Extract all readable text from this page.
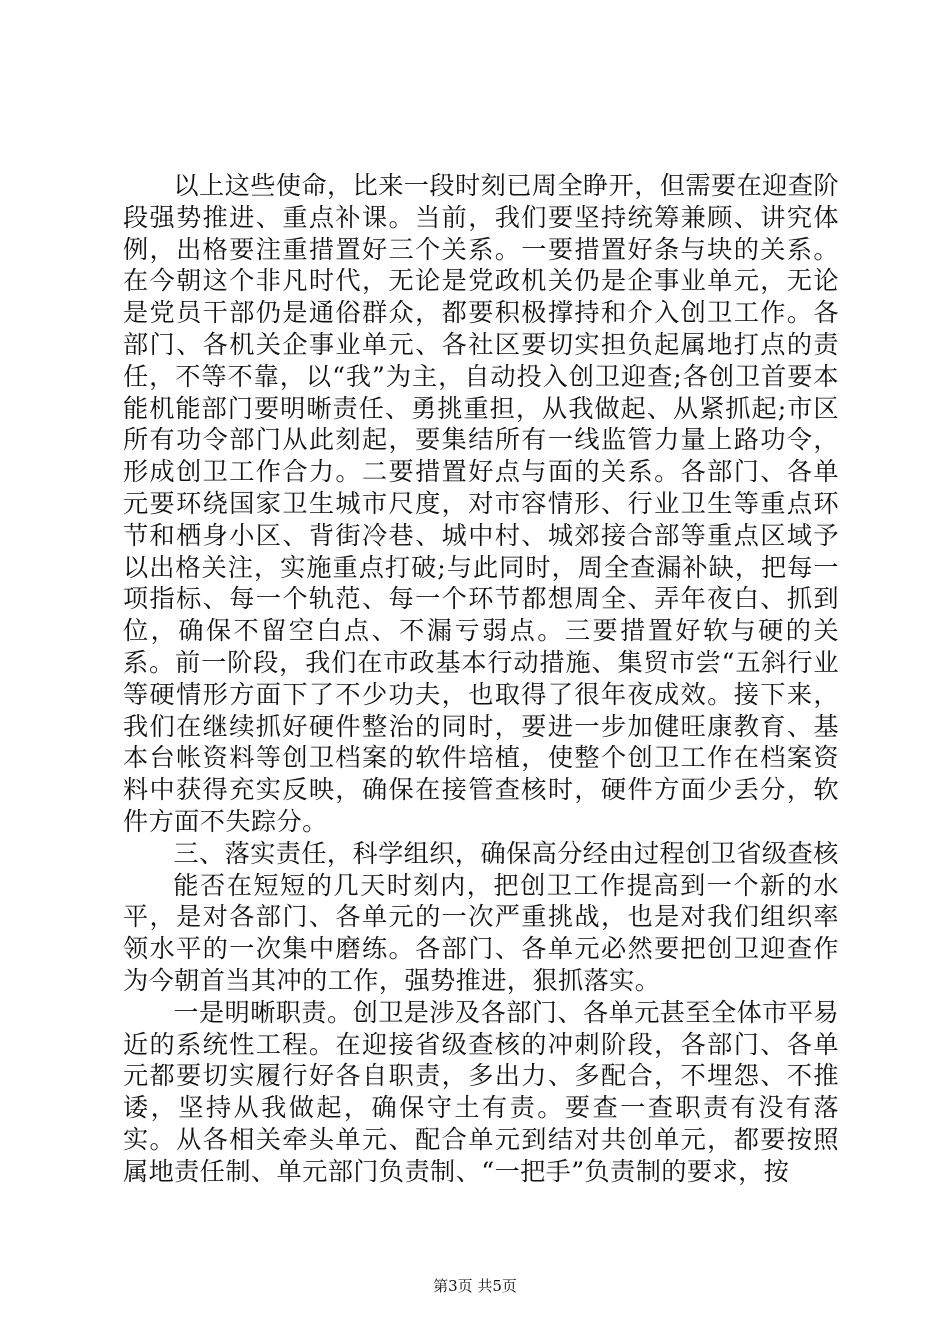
以上这些使命，比来一段时刻已周全睁开，但需要在迎查阶段强势推进、重点补课。当前，我们要坚持统筹兼顾、讲究体例，出格要注重措置好三个关系。一要措置好条与块的关系。在今朝这个非凡时代，无论是党政机关仍是企事业单元，无论是党员干部仍是通俗群众，都要积极撑持和介入创卫工作。各部门、各机关企事业单元、各社区要切实担负起属地打点的责任，不等不靠，以“我”为主，自动投入创卫迎查;各创卫首要本能机能部门要明晰责任、勇挑重担，从我做起、从紧抓起;市区所有功令部门从此刻起，要集结所有一线监管力量上路功令，形成创卫工作合力。二要措置好点与面的关系。各部门、各单元要环绕国家卫生城市尺度，对市容情形、行业卫生等重点环节和栖身小区、背街冷巷、城中村、城郊接合部等重点区域予以出格关注，实施重点打破;与此同时，周全查漏补缺，把每一项指标、每一个轨范、每一个环节都想周全、弄年夜白、抓到位，确保不留空白点、不漏亏弱点。三要措置好软与硬的关系。前一阶段，我们在市政基本行动措施、集贸市尝“五斜行业等硬情形方面下了不少功夫，也取得了很年夜成效。接下来，我们在继续抓好硬件整治的同时，要进一步加健旺康教育、基本台帐资料等创卫档案的软件培植，使整个创卫工作在档案资料中获得充实反映，确保在接管查核时，硬件方面少丢分，软件方面不失踪分。

三、落实责任，科学组织，确保高分经由过程创卫省级查核

能否在短短的几天时刻内，把创卫工作提高到一个新的水平，是对各部门、各单元的一次严重挑战，也是对我们组织率领水平的一次集中磨练。各部门、各单元必然要把创卫迎查作为今朝首当其冲的工作，强势推进，狠抓落实。

一是明晰职责。创卫是涉及各部门、各单元甚至全体市平易近的系统性工程。在迎接省级查核的冲刺阶段，各部门、各单元都要切实履行好各自职责，多出力、多配合，不埋怨、不推诿，坚持从我做起，确保守土有责。要查一查职责有没有落实。从各相关牵头单元、配合单元到结对共创单元，都要按照属地责任制、单元部门负责制、“一把手”负责制的要求，按

第3页 共5页
